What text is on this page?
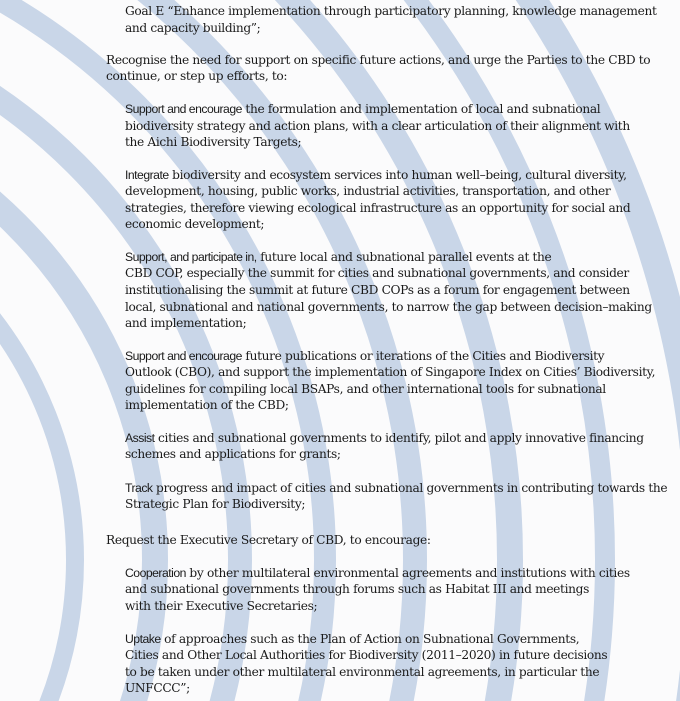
Goal E “Enhance implementation through participatory planning, knowledge management
and capacity building”;
Recognise the need for support on specific future actions, and urge the Parties to the CBD to
continue, or step up efforts, to:
Support and encourage the formulation and implementation of local and subnational
biodiversity strategy and action plans, with a clear articulation of their alignment with
the Aichi Biodiversity Targets;
Integrate biodiversity and ecosystem services into human well–being, cultural diversity,
development, housing, public works, industrial activities, transportation, and other
strategies, therefore viewing ecological infrastructure as an opportunity for social and
economic development;
Support, and participate in, future local and subnational parallel events at the
CBD COP, especially the summit for cities and subnational governments, and consider
institutionalising the summit at future CBD COPs as a forum for engagement between
local, subnational and national governments, to narrow the gap between decision–making
and implementation;
Support and encourage future publications or iterations of the Cities and Biodiversity
Outlook (CBO), and support the implementation of Singapore Index on Cities’ Biodiversity,
guidelines for compiling local BSAPs, and other international tools for subnational
implementation of the CBD;
Assist cities and subnational governments to identify, pilot and apply innovative financing
schemes and applications for grants;
Track progress and impact of cities and subnational governments in contributing towards the
Strategic Plan for Biodiversity;
Request the Executive Secretary of CBD, to encourage:
Cooperation by other multilateral environmental agreements and institutions with cities
and subnational governments through forums such as Habitat III and meetings
with their Executive Secretaries;
Uptake of approaches such as the Plan of Action on Subnational Governments,
Cities and Other Local Authorities for Biodiversity (2011–2020) in future decisions
to be taken under other multilateral environmental agreements, in particular the
UNFCCC”;
